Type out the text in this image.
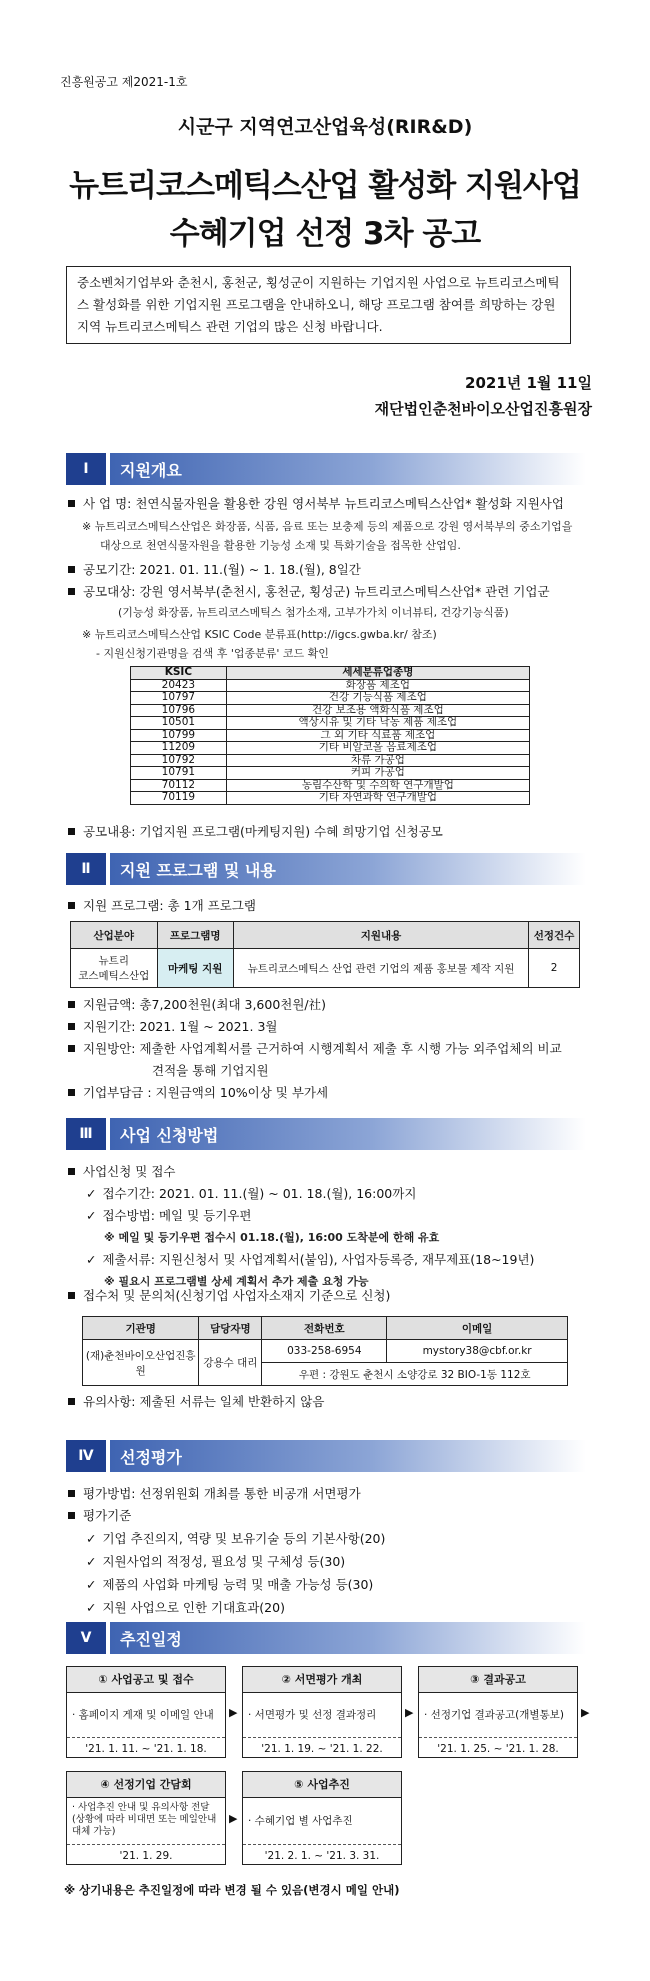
진흥원공고 제2021-1호
시군구 지역연고산업육성(RIR&D)
뉴트리코스메틱스산업 활성화 지원사업
수혜기업 선정 3차 공고
중소벤처기업부와 춘천시, 홍천군, 횡성군이 지원하는 기업지원 사업으로 뉴트리코스메틱스 활성화를 위한 기업지원 프로그램을 안내하오니, 해당 프로그램 참여를 희망하는 강원지역 뉴트리코스메틱스 관련 기업의 많은 신청 바랍니다.
2021년 1월 11일
재단법인춘천바이오산업진흥원장
Ⅰ	지원개요
사 업 명: 천연식물자원을 활용한 강원 영서북부 뉴트리코스메틱스산업* 활성화 지원사업
※ 뉴트리코스메틱스산업은 화장품, 식품, 음료 또는 보충제 등의 제품으로 강원 영서북부의 중소기업을
대상으로 천연식물자원을 활용한 기능성 소재 및 특화기술을 접목한 산업임.
공모기간: 2021. 01. 11.(월) ~ 1. 18.(월), 8일간
공모대상: 강원 영서북부(춘천시, 홍천군, 횡성군) 뉴트리코스메틱스산업* 관련 기업군
(기능성 화장품, 뉴트리코스메틱스 첨가소재, 고부가가치 이너뷰티, 건강기능식품)
※ 뉴트리코스메틱스산업 KSIC Code 분류표(http://igcs.gwba.kr/ 참조)
- 지원신청기관명을 검색 후 '업종분류' 코드 확인
KSIC	세세분류업종명
20423	화장품 제조업
10797	건강 기능식품 제조업
10796	건강 보조용 액화식품 제조업
10501	액상시유 및 기타 낙농 제품 제조업
10799	그 외 기타 식료품 제조업
11209	기타 비알코올 음료제조업
10792	차류 가공업
10791	커피 가공업
70112	농림수산학 및 수의학 연구개발업
70119	기타 자연과학 연구개발업
공모내용: 기업지원 프로그램(마케팅지원) 수혜 희망기업 신청공모
Ⅱ	지원 프로그램 및 내용
지원 프로그램: 총 1개 프로그램
산업분야	프로그램명	지원내용	선정건수

뉴트리
코스메틱스산업	마케팅 지원	뉴트리코스메틱스 산업 관련 기업의 제품 홍보물 제작 지원	2
지원금액: 총7,200천원(최대 3,600천원/社)
지원기간: 2021. 1월 ~ 2021. 3월
지원방안: 제출한 사업계획서를 근거하여 시행계획서 제출 후 시행 가능 외주업체의 비교
견적을 통해 기업지원
기업부담금 : 지원금액의 10%이상 및 부가세
Ⅲ	사업 신청방법
사업신청 및 접수
✓ 접수기간: 2021. 01. 11.(월) ~ 01. 18.(월), 16:00까지
✓ 접수방법: 메일 및 등기우편
※ 메일 및 등기우편 접수시 01.18.(월), 16:00 도착분에 한해 유효
✓ 제출서류: 지원신청서 및 사업계획서(붙임), 사업자등록증, 재무제표(18~19년)
※ 필요시 프로그램별 상세 계획서 추가 제출 요청 가능
접수처 및 문의처(신청기업 사업자소재지 기준으로 신청)
기관명	담당자명	전화번호	이메일
(재)춘천바이오산업진흥원	강용수 대리	033-258-6954	mystory38@cbf.or.kr
		우편 : 강원도 춘천시 소양강로 32 BIO-1동 112호	
유의사항: 제출된 서류는 일체 반환하지 않음
Ⅳ	선정평가
평가방법: 선정위원회 개최를 통한 비공개 서면평가
평가기준
✓ 기업 추진의지, 역량 및 보유기술 등의 기본사항(20)
✓ 지원사업의 적정성, 필요성 및 구체성 등(30)
✓ 제품의 사업화 마케팅 능력 및 매출 가능성 등(30)
✓ 지원 사업으로 인한 기대효과(20)
Ⅴ	추진일정
① 사업공고 및 접수
· 홈페이지 게재 및 이메일 안내
'21. 1. 11. ~ '21. 1. 18.
▶
② 서면평가 개최
· 서면평가 및 선정 결과정리
'21. 1. 19. ~ '21. 1. 22.
▶
③ 결과공고
· 선정기업 결과공고(개별통보)
'21. 1. 25. ~ '21. 1. 28.
▶
④ 선정기업 간담회
· 사업추진 안내 및 유의사항 전달 (상황에 따라 비대면 또는 메일안내 대체 가능)
'21. 1. 29.
▶
⑤ 사업추진
· 수혜기업 별 사업추진
'21. 2. 1. ~ '21. 3. 31.
※ 상기내용은 추진일정에 따라 변경 될 수 있음(변경시 메일 안내)
